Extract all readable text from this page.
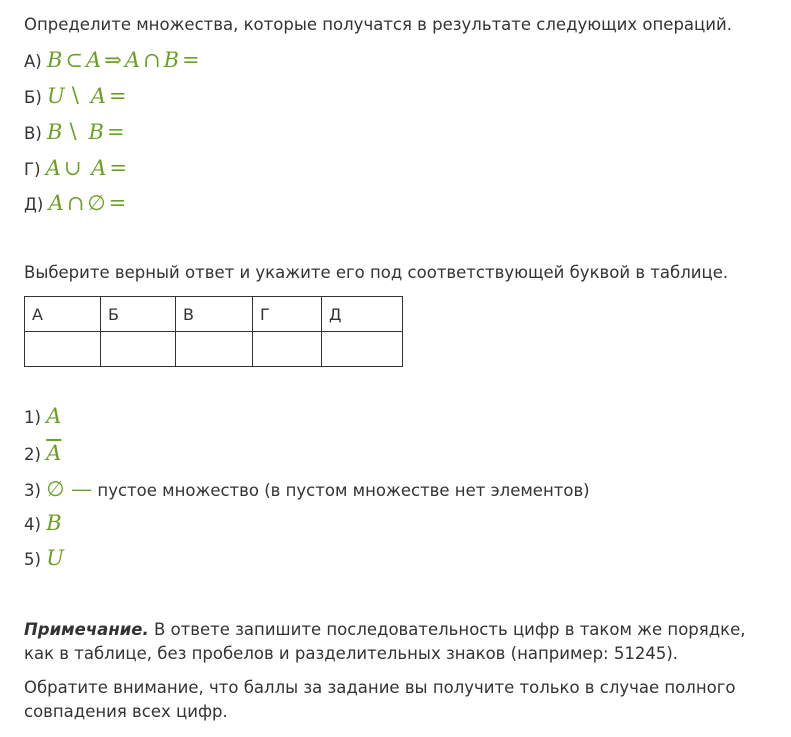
Определите множества, которые получатся в результате следующих операций.
А) B ⊂ A ⇒ A ∩ B =
Б) U ∖ A =
В) B ∖ B =
Г) A ∪ A =
Д) A ∩ ∅ =
Выберите верный ответ и укажите его под соответствующей буквой в таблице.
А	Б	В	Г	Д

1) A
2) $\overline{A}$
3) ∅ — пустое множество (в пустом множестве нет элементов)
4) B
5) U
Примечание. В ответе запишите последовательность цифр в таком же порядке, как в таблице, без пробелов и разделительных знаков (например: 51245).
Обратите внимание, что баллы за задание вы получите только в случае полного совпадения всех цифр.
